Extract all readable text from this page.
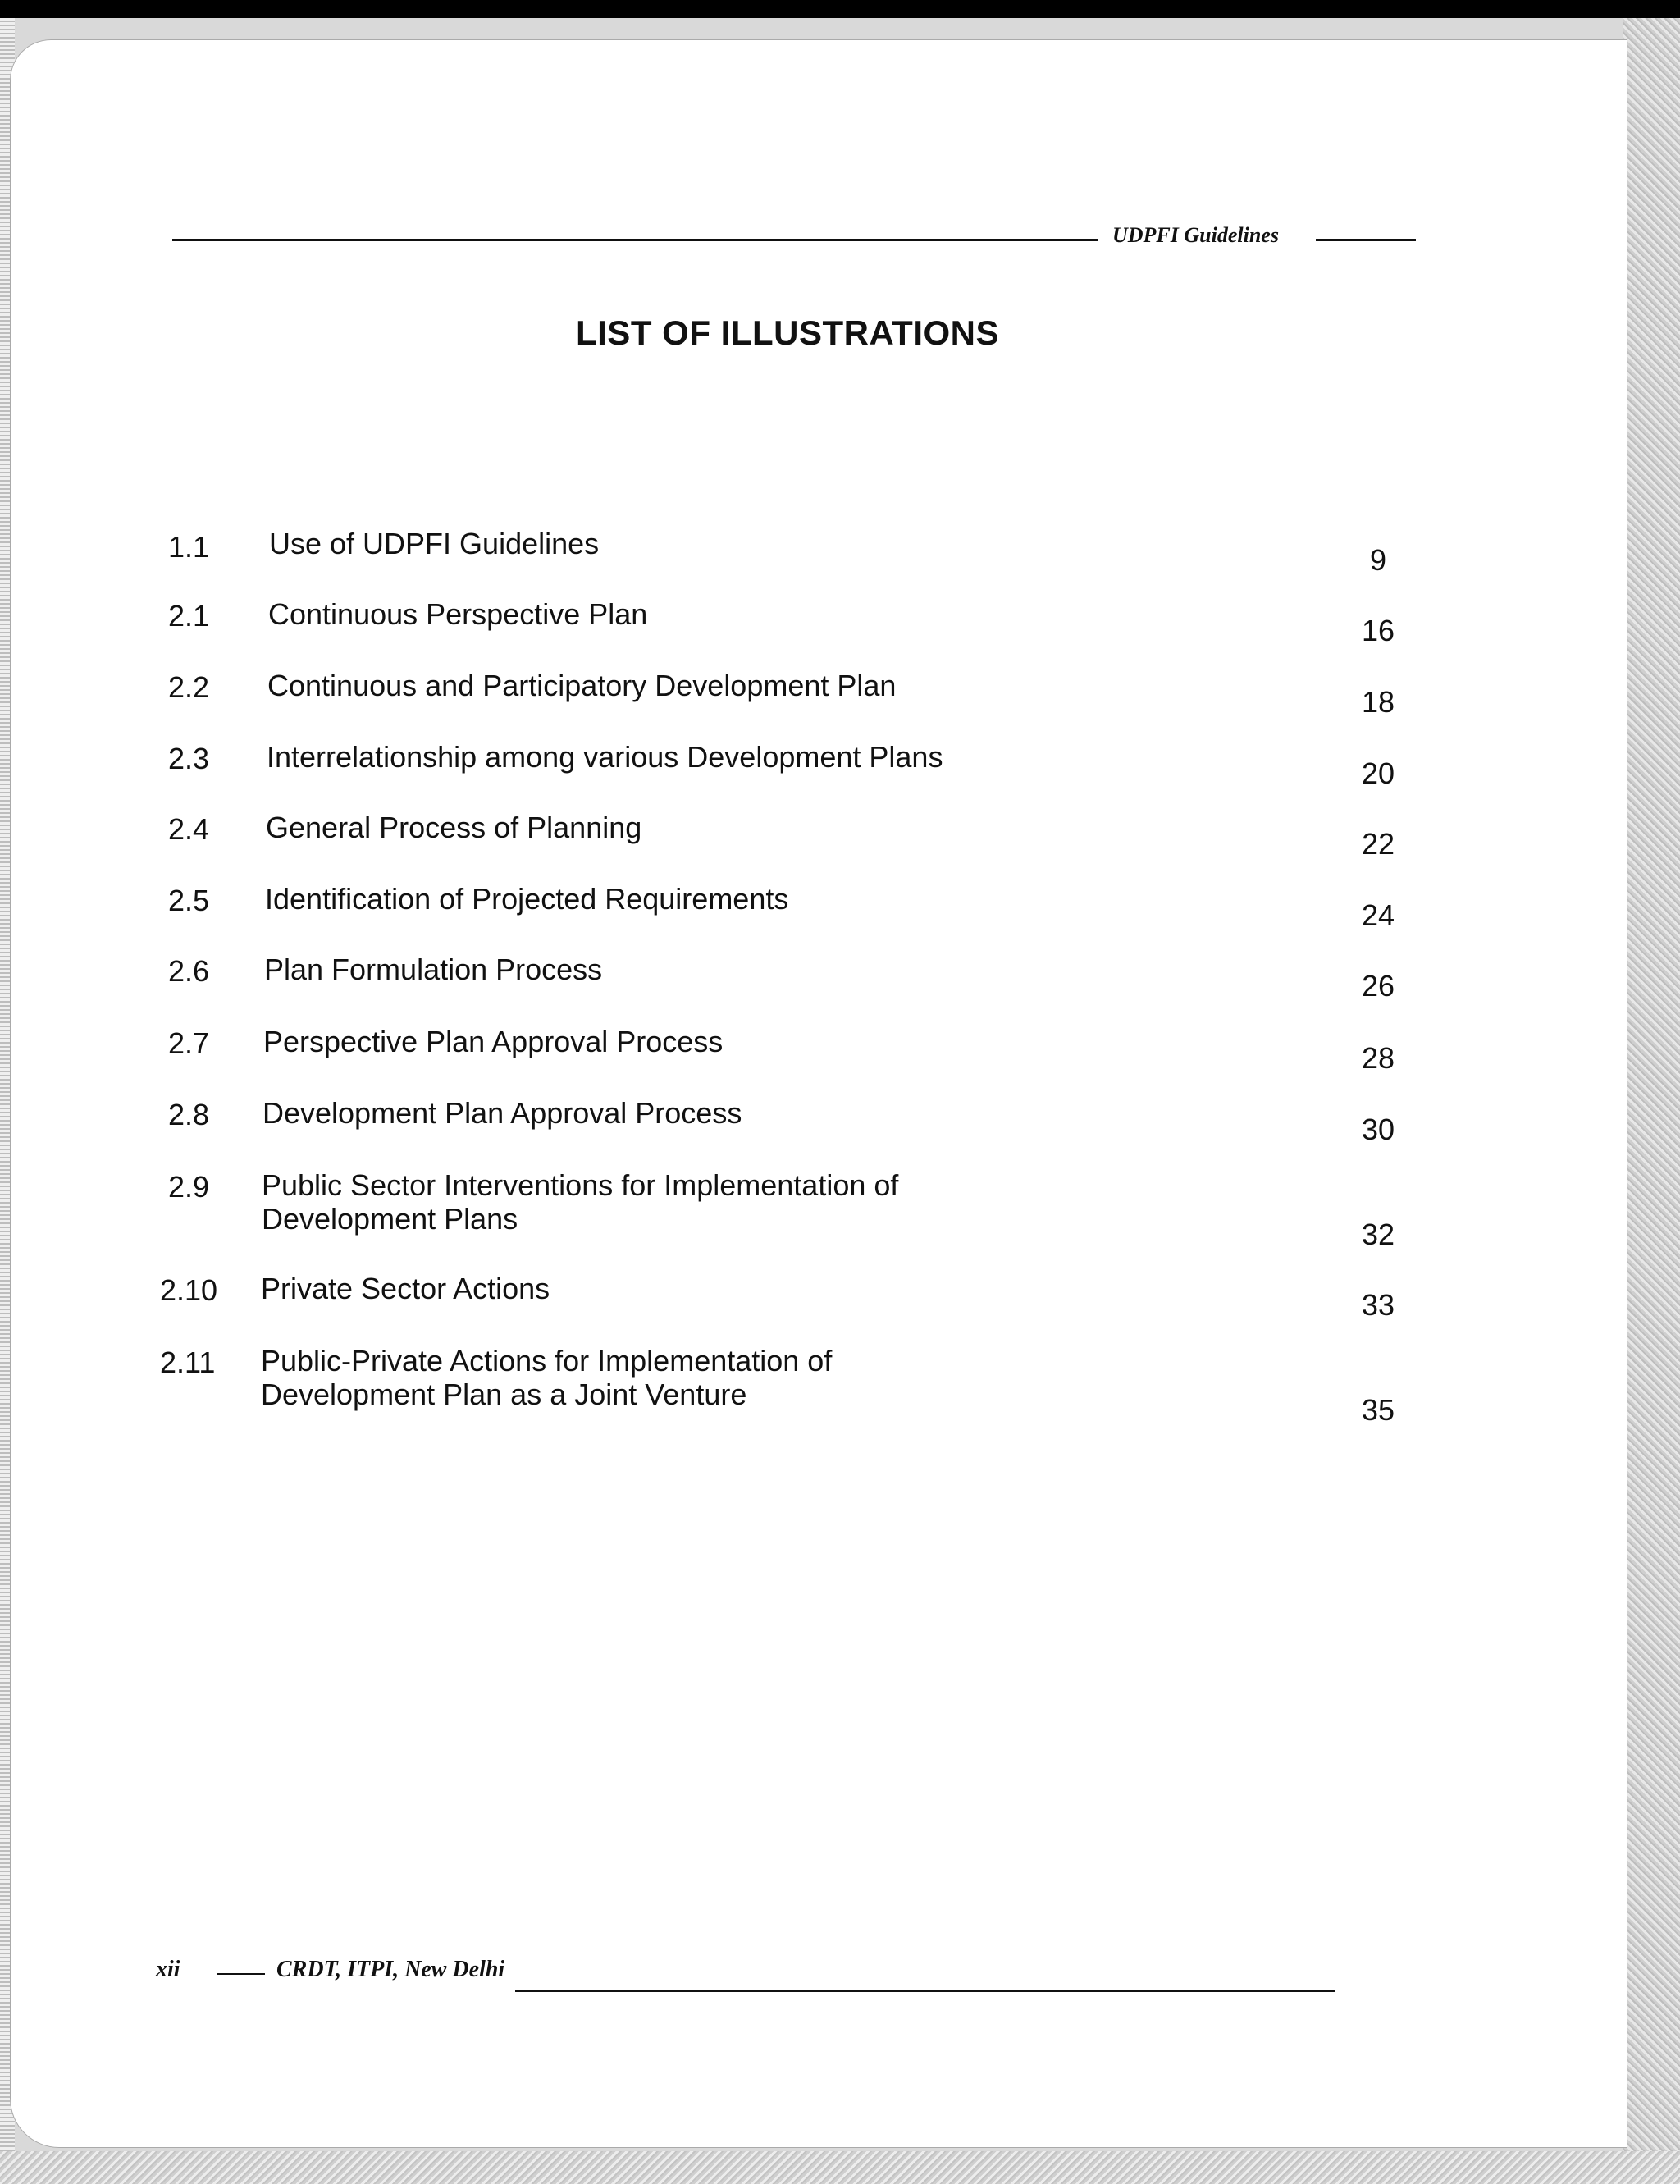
UDPFI Guidelines
LIST OF ILLUSTRATIONS
1.1 Use of UDPFI Guidelines	9
2.1 Continuous Perspective Plan	16
2.2 Continuous and Participatory Development Plan	18
2.3 Interrelationship among various Development Plans	20
2.4 General Process of Planning	22
2.5 Identification of Projected Requirements	24
2.6 Plan Formulation Process	26
2.7 Perspective Plan Approval Process	28
2.8 Development Plan Approval Process	30
2.9 Public Sector Interventions for Implementation of Development Plans	32
2.10 Private Sector Actions	33
2.11 Public-Private Actions for Implementation of Development Plan as a Joint Venture	35
xii	CRDT, ITPI, New Delhi
